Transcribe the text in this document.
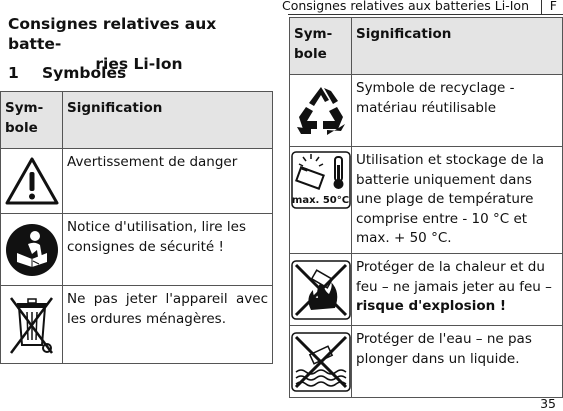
Consignes relatives aux batteries Li-Ion F
Consignes relatives aux batte-
ries Li-Ion
1 Symboles
Sym-bole	Signification

Avertissement de danger

Notice d'utilisation, lire les consignes de sécurité !

Ne pas jeter l'appareil avec les ordures ménagères.
Sym-bole	Signification

Symbole de recyclage - matériau réutilisable

max. 50°C	Utilisation et stockage de la batterie uniquement dans une plage de température comprise entre - 10 °C et max. + 50 °C.

Protéger de la chaleur et du feu – ne jamais jeter au feu – risque d'explosion !

Protéger de l'eau – ne pas plonger dans un liquide.
35
